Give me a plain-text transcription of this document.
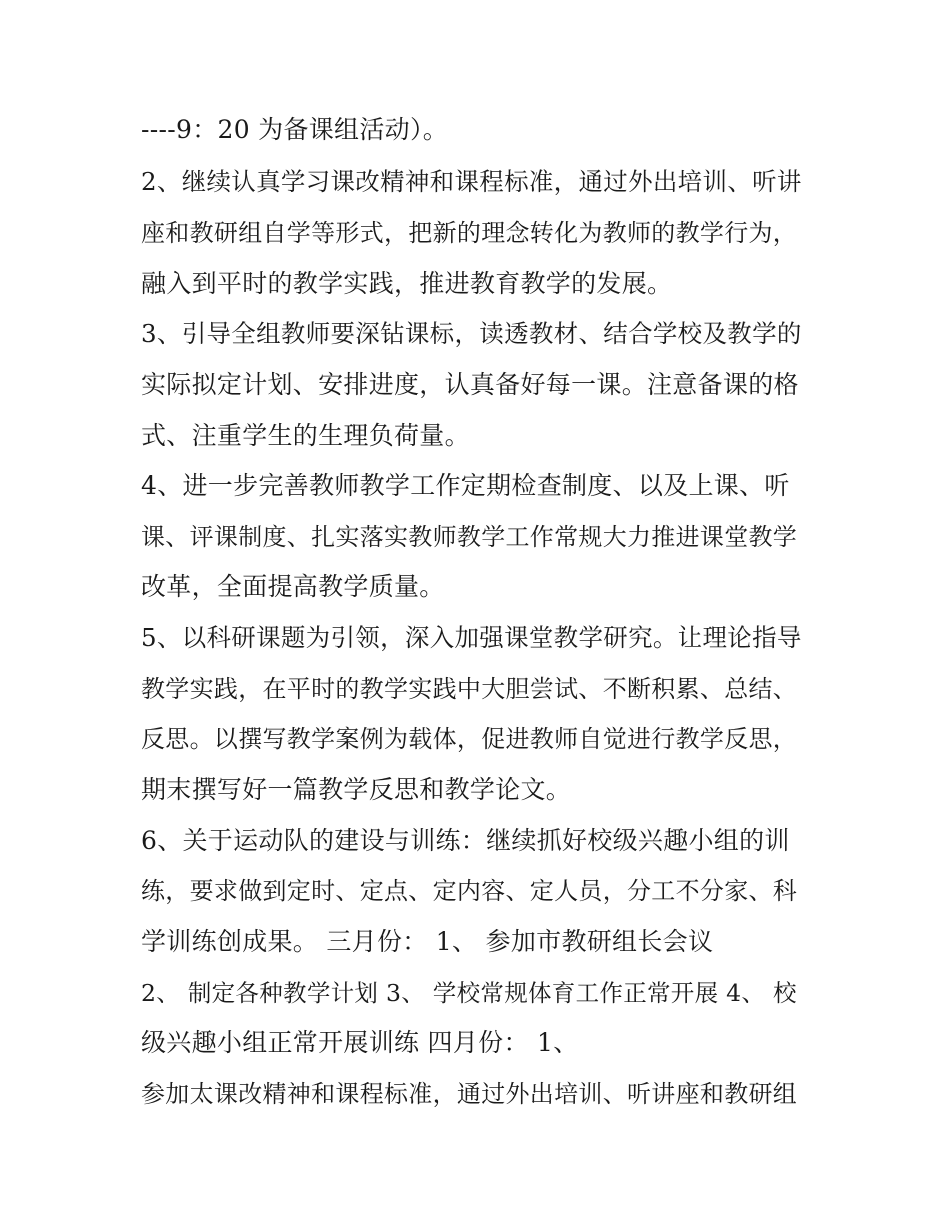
----9：20 为备课组活动）。
2、继续认真学习课改精神和课程标准，通过外出培训、听讲
座和教研组自学等形式，把新的理念转化为教师的教学行为，
融入到平时的教学实践，推进教育教学的发展。
3、引导全组教师要深钻课标，读透教材、结合学校及教学的
实际拟定计划、安排进度，认真备好每一课。注意备课的格
式、注重学生的生理负荷量。
4、进一步完善教师教学工作定期检查制度、以及上课、听
课、评课制度、扎实落实教师教学工作常规大力推进课堂教学
改革，全面提高教学质量。
5、以科研课题为引领，深入加强课堂教学研究。让理论指导
教学实践，在平时的教学实践中大胆尝试、不断积累、总结、
反思。以撰写教学案例为载体，促进教师自觉进行教学反思，
期末撰写好一篇教学反思和教学论文。
6、关于运动队的建设与训练：继续抓好校级兴趣小组的训
练，要求做到定时、定点、定内容、定人员，分工不分家、科
学训练创成果。 三月份： 1、 参加市教研组长会议
2、 制定各种教学计划 3、 学校常规体育工作正常开展 4、 校
级兴趣小组正常开展训练 四月份： 1、
参加太课改精神和课程标准，通过外出培训、听讲座和教研组
